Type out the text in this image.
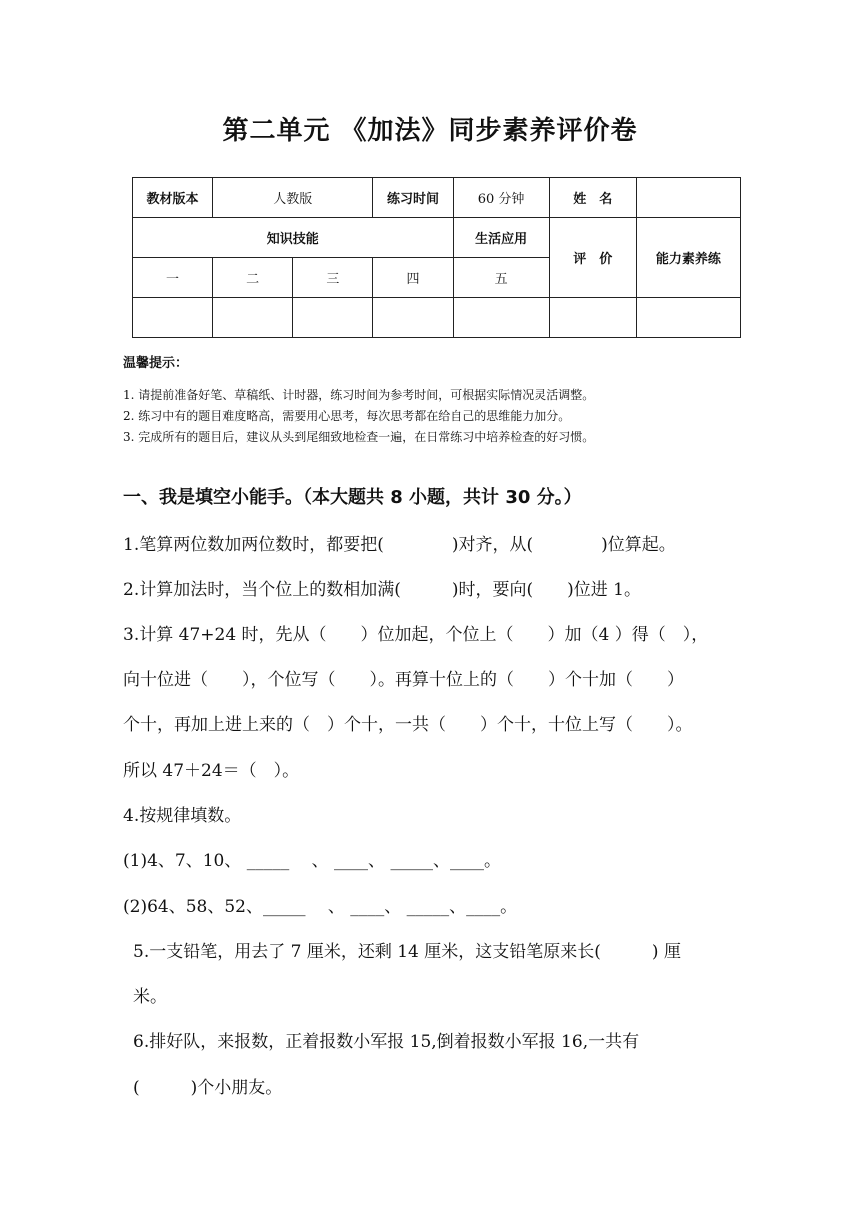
第二单元 《加法》同步素养评价卷
教材版本	人教版		练习时间	60 分钟	姓　名	
知识技能				生活应用	评　价	能力素养练
一	二	三	四	五		

温馨提示：
1. 请提前准备好笔、草稿纸、计时器，练习时间为参考时间，可根据实际情况灵活调整。
2. 练习中有的题目难度略高，需要用心思考，每次思考都在给自己的思维能力加分。
3. 完成所有的题目后，建议从头到尾细致地检查一遍，在日常练习中培养检查的好习惯。
一、我是填空小能手。（本大题共 8 小题，共计 30 分。）
1.笔算两位数加两位数时，都要把(　　　　)对齐，从(　　　　)位算起。
2.计算加法时，当个位上的数相加满(　　　)时，要向(　　)位进 1。
3.计算 47+24 时，先从（　　）位加起，个位上（　　）加（4 ）得（　），
向十位进（　　），个位写（　　）。再算十位上的（　　）个十加（　　）
个十，再加上进上来的（　）个十，一共（　　）个十，十位上写（　　）。
所以 47＋24＝（　）。
4.按规律填数。
(1)4、7、10、 _____　 、 ____、 _____、____。
(2)64、58、52、_____　 、 ____、 _____、____。
5.一支铅笔，用去了 7 厘米，还剩 14 厘米，这支铅笔原来长(　　　) 厘
米。
6.排好队，来报数，正着报数小军报 15,倒着报数小军报 16,一共有
(　　　)个小朋友。
